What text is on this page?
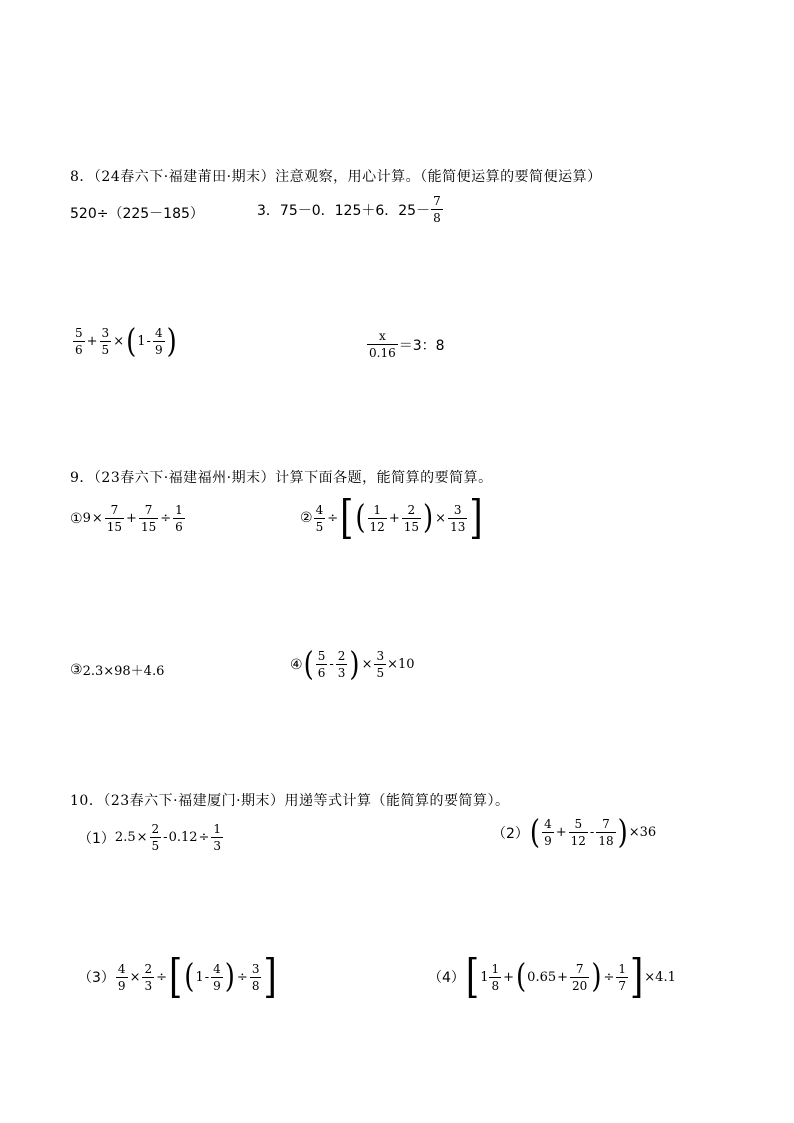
8．（24春六下·福建莆田·期末）注意观察，用心计算。（能简便运算的要简便运算）
520÷（225－185）	3．75－0．125＋6．$25- \frac{7}{8}$
$\frac{5}{6} + \frac{3}{5}$ × ( $1 - \frac{4}{9}$ )	$\frac{x}{0.16} =3$：8
9．（23春六下·福建福州·期末）计算下面各题，能简算的要简算。
① $9 \times \frac{7}{15} + \frac{7}{15} \div \frac{1}{6}$	② $\frac{4}{5}$ ÷ [ ( $\frac{1}{12} + \frac{2}{15}$ ) × $\frac{3}{13}$ ]
③ 2.3×98＋4.6	④ ( $\frac{5}{6} - \frac{2}{3}$ ) × $\frac{3}{5} \times 10$
10．（23春六下·福建厦门·期末）用递等式计算（能简算的要简算）。
（1） $2.5 \times \frac{2}{5} - 0.12 \div \frac{1}{3}$	（2） ( $\frac{4}{9} + \frac{5}{12} - \frac{7}{18}$ ) ×36
$(3) \frac{4}{9} \times \frac{2}{3}$ ÷ [ ( $1 - \frac{4}{9}$ ) ÷ $\frac{3}{8}$ ]	（4） [ $1 \frac{1}{8}$ + ( $0.65 + \frac{7}{20}$ ) ÷ $\frac{1}{7}$ ] ×4.1
